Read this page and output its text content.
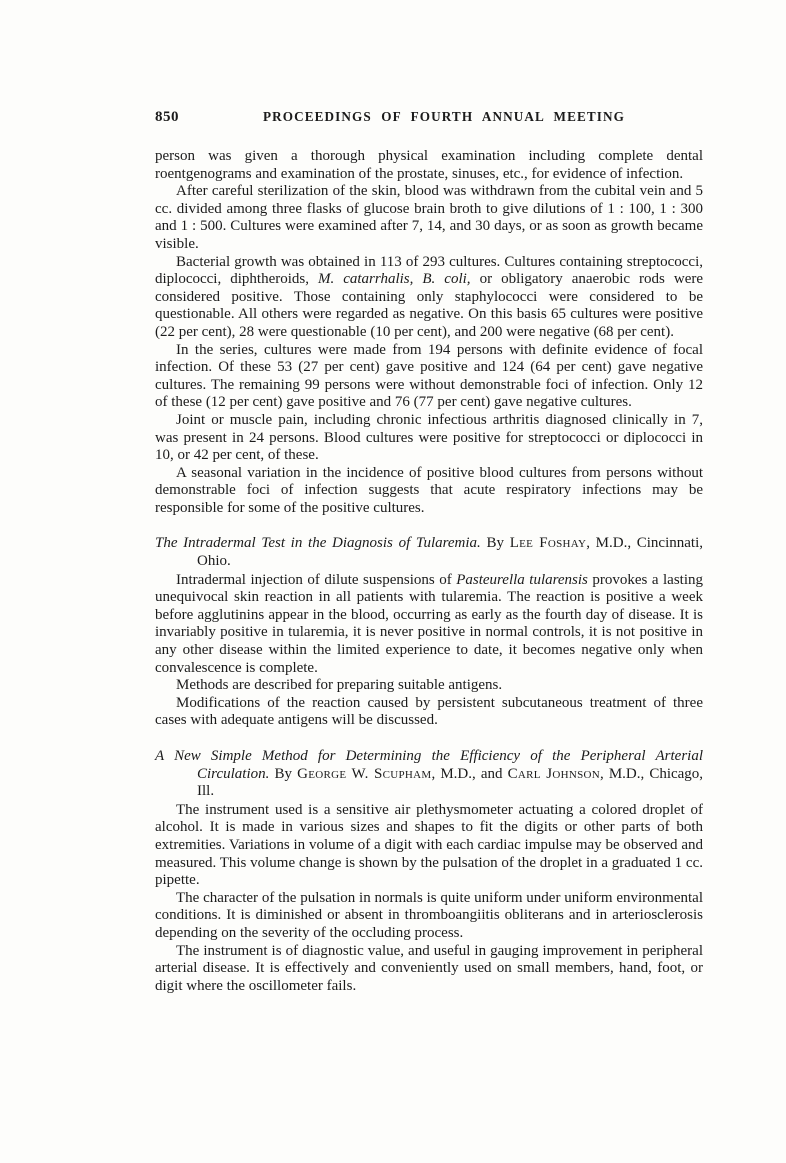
850	PROCEEDINGS OF FOURTH ANNUAL MEETING

person was given a thorough physical examination including complete dental roentgenograms and examination of the prostate, sinuses, etc., for evidence of infection.

After careful sterilization of the skin, blood was withdrawn from the cubital vein and 5 cc. divided among three flasks of glucose brain broth to give dilutions of 1 : 100, 1 : 300 and 1 : 500. Cultures were examined after 7, 14, and 30 days, or as soon as growth became visible.

Bacterial growth was obtained in 113 of 293 cultures. Cultures containing streptococci, diplococci, diphtheroids, M. catarrhalis, B. coli, or obligatory anaerobic rods were considered positive. Those containing only staphylococci were considered to be questionable. All others were regarded as negative. On this basis 65 cultures were positive (22 per cent), 28 were questionable (10 per cent), and 200 were negative (68 per cent).

In the series, cultures were made from 194 persons with definite evidence of focal infection. Of these 53 (27 per cent) gave positive and 124 (64 per cent) gave negative cultures. The remaining 99 persons were without demonstrable foci of infection. Only 12 of these (12 per cent) gave positive and 76 (77 per cent) gave negative cultures.

Joint or muscle pain, including chronic infectious arthritis diagnosed clinically in 7, was present in 24 persons. Blood cultures were positive for streptococci or diplococci in 10, or 42 per cent, of these.

A seasonal variation in the incidence of positive blood cultures from persons without demonstrable foci of infection suggests that acute respiratory infections may be responsible for some of the positive cultures.

The Intradermal Test in the Diagnosis of Tularemia. By Lee Foshay, M.D., Cincinnati, Ohio.

Intradermal injection of dilute suspensions of Pasteurella tularensis provokes a lasting unequivocal skin reaction in all patients with tularemia. The reaction is positive a week before agglutinins appear in the blood, occurring as early as the fourth day of disease. It is invariably positive in tularemia, it is never positive in normal controls, it is not positive in any other disease within the limited experience to date, it becomes negative only when convalescence is complete.

Methods are described for preparing suitable antigens.

Modifications of the reaction caused by persistent subcutaneous treatment of three cases with adequate antigens will be discussed.

A New Simple Method for Determining the Efficiency of the Peripheral Arterial Circulation. By George W. Scupham, M.D., and Carl Johnson, M.D., Chicago, Ill.

The instrument used is a sensitive air plethysmometer actuating a colored droplet of alcohol. It is made in various sizes and shapes to fit the digits or other parts of both extremities. Variations in volume of a digit with each cardiac impulse may be observed and measured. This volume change is shown by the pulsation of the droplet in a graduated 1 cc. pipette.

The character of the pulsation in normals is quite uniform under uniform environmental conditions. It is diminished or absent in thromboangiitis obliterans and in arteriosclerosis depending on the severity of the occluding process.

The instrument is of diagnostic value, and useful in gauging improvement in peripheral arterial disease. It is effectively and conveniently used on small members, hand, foot, or digit where the oscillometer fails.
